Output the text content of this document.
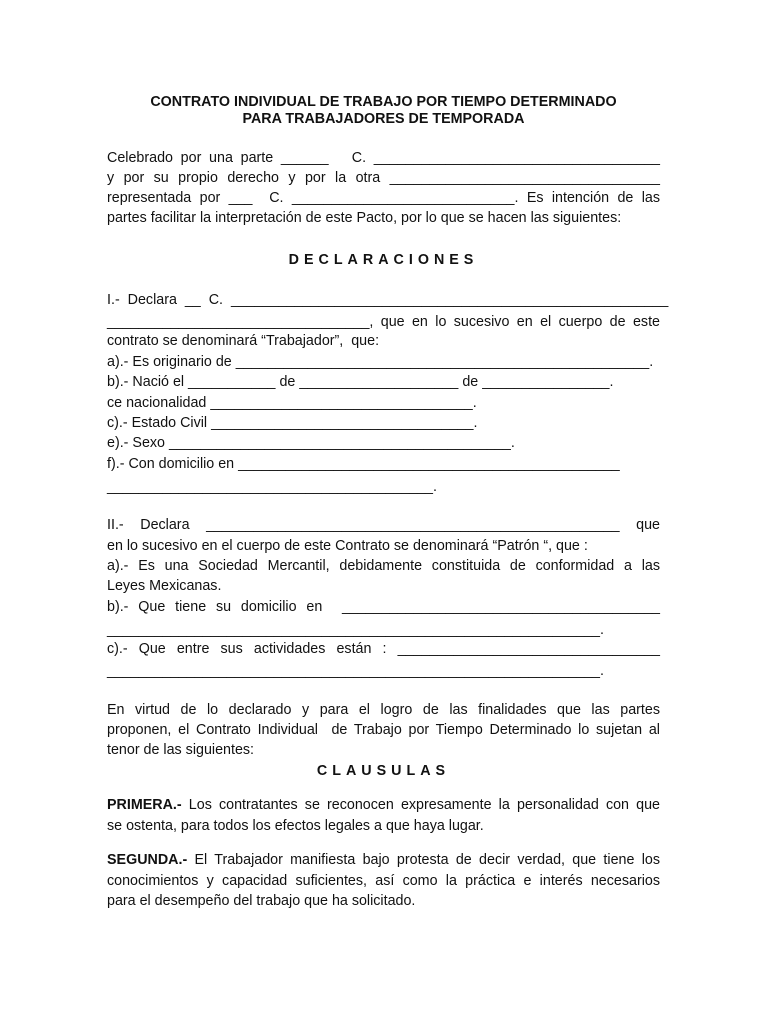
CONTRATO INDIVIDUAL DE TRABAJO POR TIEMPO DETERMINADO
PARA TRABAJADORES DE TEMPORADA
Celebrado por una parte ______   C. ____________________________________
y por su propio derecho y por la otra __________________________________
representada por ___  C. ____________________________. Es intención de las
partes facilitar la interpretación de este Pacto, por lo que se hacen las siguientes:
DECLARACIONES
I.-  Declara  __  C.  _______________________________________________________
_________________________________, que en lo sucesivo en el cuerpo de este
contrato se denominará “Trabajador”,  que:
a).- Es originario de ____________________________________________________.
b).- Nació el ___________ de ____________________ de ________________.
ce nacionalidad _________________________________.
c).- Estado Civil _________________________________.
e).- Sexo ___________________________________________.
f).- Con domicilio en ________________________________________________
_________________________________________.
II.- Declara ____________________________________________________ que
en lo sucesivo en el cuerpo de este Contrato se denominará “Patrón “, que :
a).- Es una Sociedad Mercantil, debidamente constituida de conformidad a las
Leyes Mexicanas.
b).- Que tiene su domicilio en  ________________________________________
______________________________________________________________.
c).- Que entre sus actividades están : _________________________________
______________________________________________________________.
En virtud de lo declarado y para el logro de las finalidades que las partes
proponen, el Contrato Individual  de Trabajo por Tiempo Determinado lo sujetan al
tenor de las siguientes:
CLAUSULAS
PRIMERA.- Los contratantes se reconocen expresamente la personalidad con que
se ostenta, para todos los efectos legales a que haya lugar.
SEGUNDA.- El Trabajador manifiesta bajo protesta de decir verdad, que tiene los
conocimientos y capacidad suficientes, así como la práctica e interés necesarios
para el desempeño del trabajo que ha solicitado.
